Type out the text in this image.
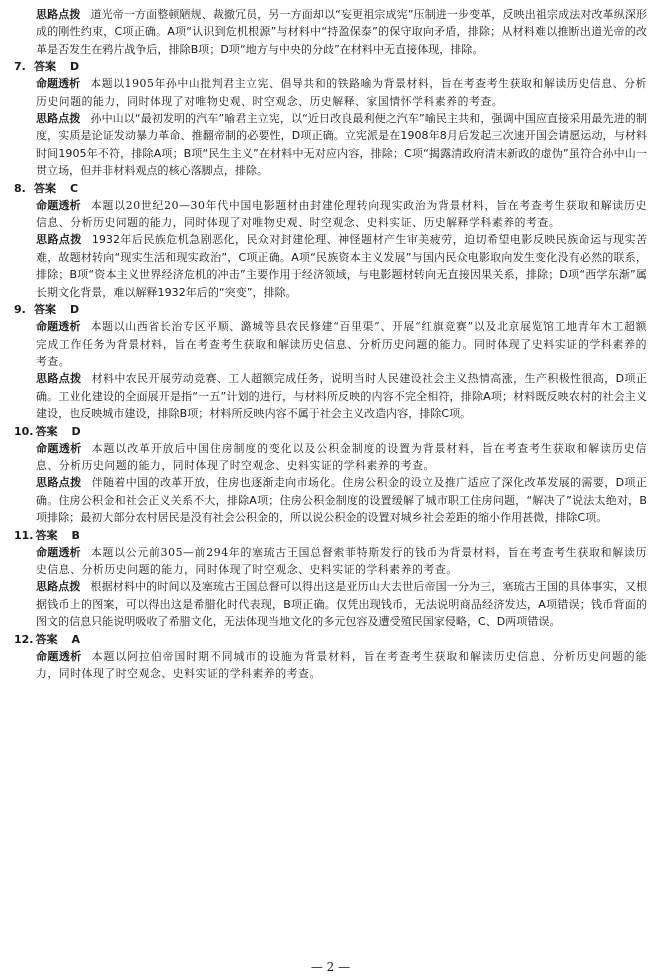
思路点拨 道光帝一方面整顿陋规、裁撤冗员，另一方面却以“妄更祖宗成宪”压制进一步变革，反映出祖宗成法对改革纵深形成的刚性约束，C项正确。A项“认识到危机根源”与材料中“持盈保泰”的保守取向矛盾，排除；从材料难以推断出道光帝的改革是否发生在鸦片战争后，排除B项；D项“地方与中央的分歧”在材料中无直接体现，排除。

7. 答案 D

命题透析 本题以1905年孙中山批判君主立宪、倡导共和的铁路喻为背景材料，旨在考查考生获取和解读历史信息、分析历史问题的能力，同时体现了对唯物史观、时空观念、历史解释、家国情怀学科素养的考查。

思路点拨 孙中山以“最初发明的汽车”喻君主立宪，以“近日改良最利便之汽车”喻民主共和，强调中国应直接采用最先进的制度，实质是论证发动暴力革命、推翻帝制的必要性，D项正确。立宪派是在1908年8月后发起三次速开国会请愿运动，与材料时间1905年不符，排除A项；B项“民生主义”在材料中无对应内容，排除；C项“揭露清政府清末新政的虚伪”虽符合孙中山一贯立场，但并非材料观点的核心落脚点，排除。

8. 答案 C

命题透析 本题以20世纪20—30年代中国电影题材由封建伦理转向现实政治为背景材料，旨在考查考生获取和解读历史信息、分析历史问题的能力，同时体现了对唯物史观、时空观念、史料实证、历史解释学科素养的考查。

思路点拨 1932年后民族危机急剧恶化，民众对封建伦理、神怪题材产生审美疲劳，迫切希望电影反映民族命运与现实苦难，故题材转向“现实生活和现实政治”，C项正确。A项“民族资本主义发展”与国内民众电影取向发生变化没有必然的联系，排除；B项“资本主义世界经济危机的冲击”主要作用于经济领域，与电影题材转向无直接因果关系，排除；D项“西学东渐”属长期文化背景，难以解释1932年后的“突变”，排除。

9. 答案 D

命题透析 本题以山西省长治专区平顺、潞城等县农民修建“百里渠”、开展“红旗竞赛”以及北京展览馆工地青年木工超额完成工作任务为背景材料，旨在考查考生获取和解读历史信息、分析历史问题的能力。同时体现了史料实证的学科素养的考查。

思路点拨 材料中农民开展劳动竞赛、工人超额完成任务，说明当时人民建设社会主义热情高涨，生产积极性很高，D项正确。工业化建设的全面展开是指“一五”计划的进行，与材料所反映的内容不完全相符，排除A项；材料既反映农村的社会主义建设，也反映城市建设，排除B项；材料所反映内容不属于社会主义改造内容，排除C项。

10. 答案 D

命题透析 本题以改革开放后中国住房制度的变化以及公积金制度的设置为背景材料，旨在考查考生获取和解读历史信息、分析历史问题的能力，同时体现了时空观念、史料实证的学科素养的考查。

思路点拨 伴随着中国的改革开放，住房也逐渐走向市场化。住房公积金的设立及推广适应了深化改革发展的需要，D项正确。住房公积金和社会正义关系不大，排除A项；住房公积金制度的设置缓解了城市职工住房问题，“解决了”说法太绝对，B项排除；最初大部分农村居民是没有社会公积金的，所以说公积金的设置对城乡社会差距的缩小作用甚微，排除C项。

11. 答案 B

命题透析 本题以公元前305—前294年的塞琉古王国总督索菲特斯发行的钱币为背景材料，旨在考查考生获取和解读历史信息、分析历史问题的能力，同时体现了时空观念、史料实证的学科素养的考查。

思路点拨 根据材料中的时间以及塞琉古王国总督可以得出这是亚历山大去世后帝国一分为三，塞琉古王国的具体事实，又根据钱币上的图案，可以得出这是希腊化时代表现，B项正确。仅凭出现钱币，无法说明商品经济发达，A项错误；钱币背面的图文的信息只能说明吸收了希腊文化，无法体现当地文化的多元包容及遭受殖民国家侵略，C、D两项错误。

12. 答案 A

命题透析 本题以阿拉伯帝国时期不同城市的设施为背景材料，旨在考查考生获取和解读历史信息、分析历史问题的能力，同时体现了时空观念、史料实证的学科素养的考查。

— 2 —
